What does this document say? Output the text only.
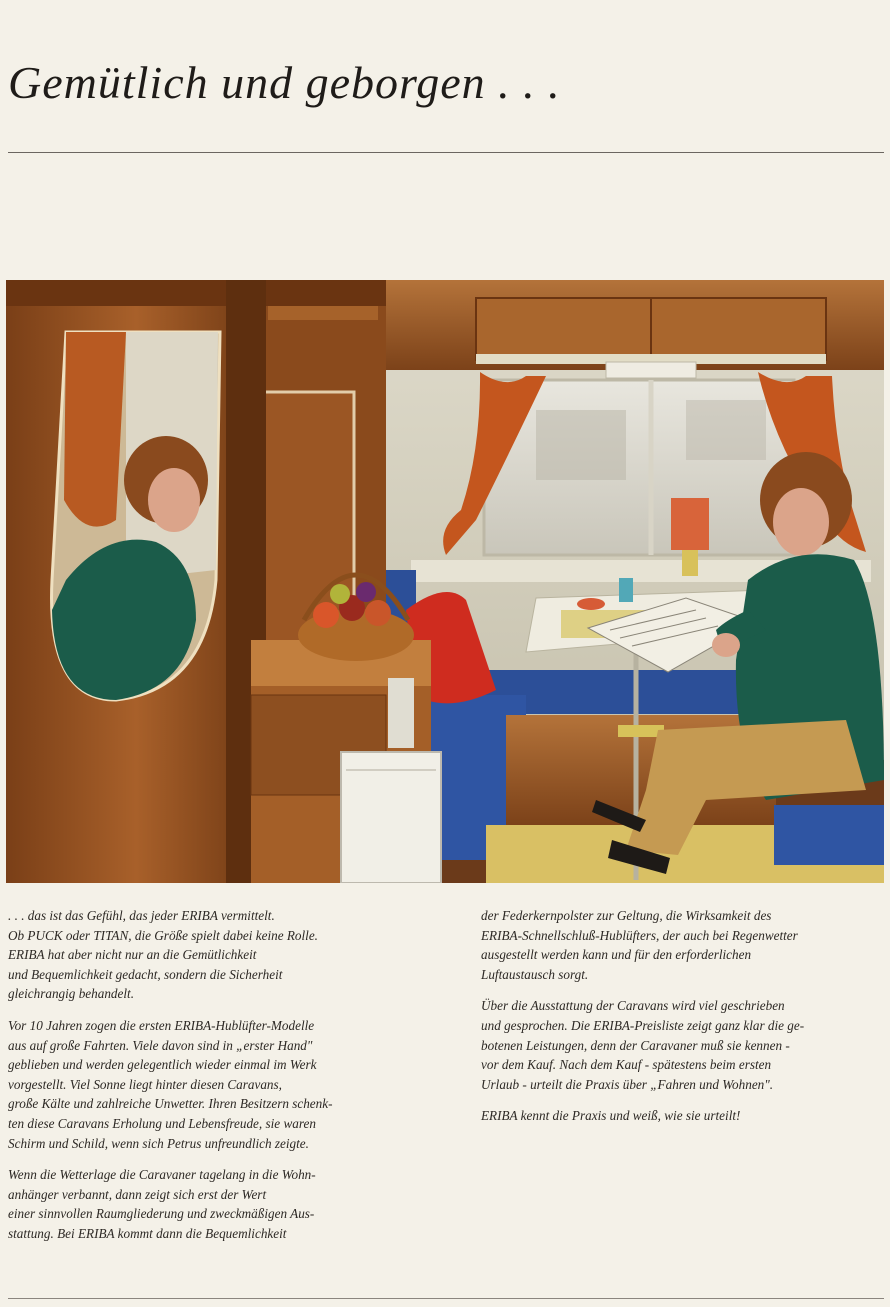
Gemütlich und geborgen . . .

. . . das ist das Gefühl, das jeder ERIBA vermittelt.
Ob PUCK oder TITAN, die Größe spielt dabei keine Rolle.
ERIBA hat aber nicht nur an die Gemütlichkeit
und Bequemlichkeit gedacht, sondern die Sicherheit
gleichrangig behandelt.

Vor 10 Jahren zogen die ersten ERIBA-Hublüfter-Modelle
aus auf große Fahrten. Viele davon sind in „erster Hand"
geblieben und werden gelegentlich wieder einmal im Werk
vorgestellt. Viel Sonne liegt hinter diesen Caravans,
große Kälte und zahlreiche Unwetter. Ihren Besitzern schenk-
ten diese Caravans Erholung und Lebensfreude, sie waren
Schirm und Schild, wenn sich Petrus unfreundlich zeigte.

Wenn die Wetterlage die Caravaner tagelang in die Wohn-
anhänger verbannt, dann zeigt sich erst der Wert
einer sinnvollen Raumgliederung und zweckmäßigen Aus-
stattung. Bei ERIBA kommt dann die Bequemlichkeit

der Federkernpolster zur Geltung, die Wirksamkeit des
ERIBA-Schnellschluß-Hublüfters, der auch bei Regenwetter
ausgestellt werden kann und für den erforderlichen
Luftaustausch sorgt.

Über die Ausstattung der Caravans wird viel geschrieben
und gesprochen. Die ERIBA-Preisliste zeigt ganz klar die ge-
botenen Leistungen, denn der Caravaner muß sie kennen -
vor dem Kauf. Nach dem Kauf - spätestens beim ersten
Urlaub - urteilt die Praxis über „Fahren und Wohnen".

ERIBA kennt die Praxis und weiß, wie sie urteilt!
